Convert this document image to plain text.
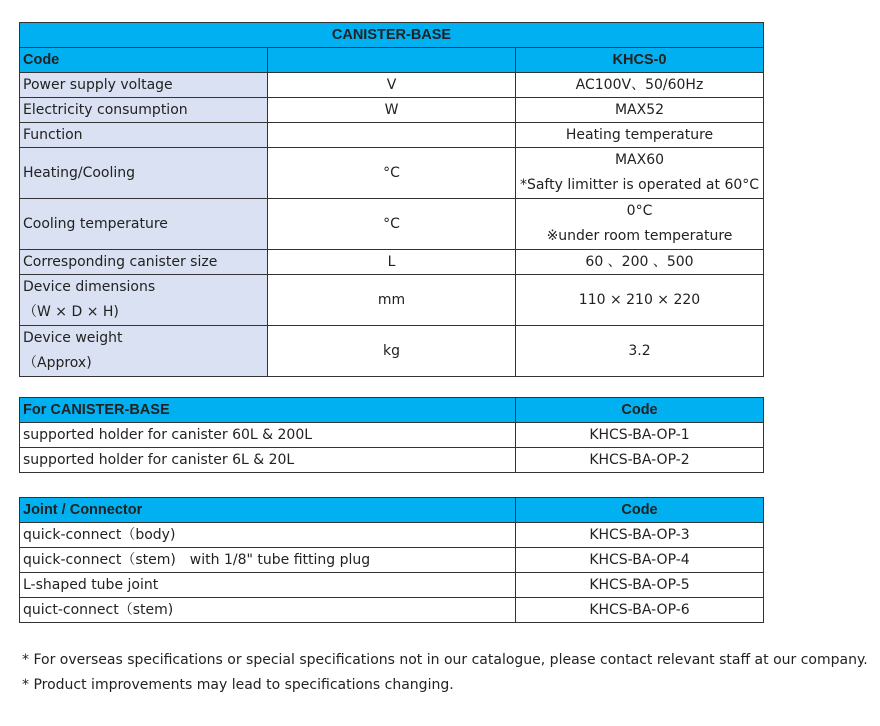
CANISTER-BASE		
Code		KHCS-0
Power supply voltage	V	AC100V、50/60Hz
Electricity consumption	W	MAX52
Function		Heating temperature
Heating/Cooling	°C	MAX60
*Safty limitter is operated at 60°C

Cooling temperature	°C	0°C
※under room temperature

Corresponding canister size	L	60 、200 、500

Device dimensions
（W × D × H)	mm	110 × 210 × 220

Device weight
（Approx)	kg	3.2
For CANISTER-BASE	Code
supported holder for canister 60L & 200L	KHCS-BA-OP-1
supported holder for canister 6L & 20L	KHCS-BA-OP-2
Joint / Connector	Code
quick-connect（body)	KHCS-BA-OP-3
quick-connect（stem)　with 1/8" tube fitting plug	KHCS-BA-OP-4
L-shaped tube joint	KHCS-BA-OP-5
quict-connect（stem)	KHCS-BA-OP-6
* For overseas specifications or special specifications not in our catalogue, please contact relevant staff at our company.
* Product improvements may lead to specifications changing.
